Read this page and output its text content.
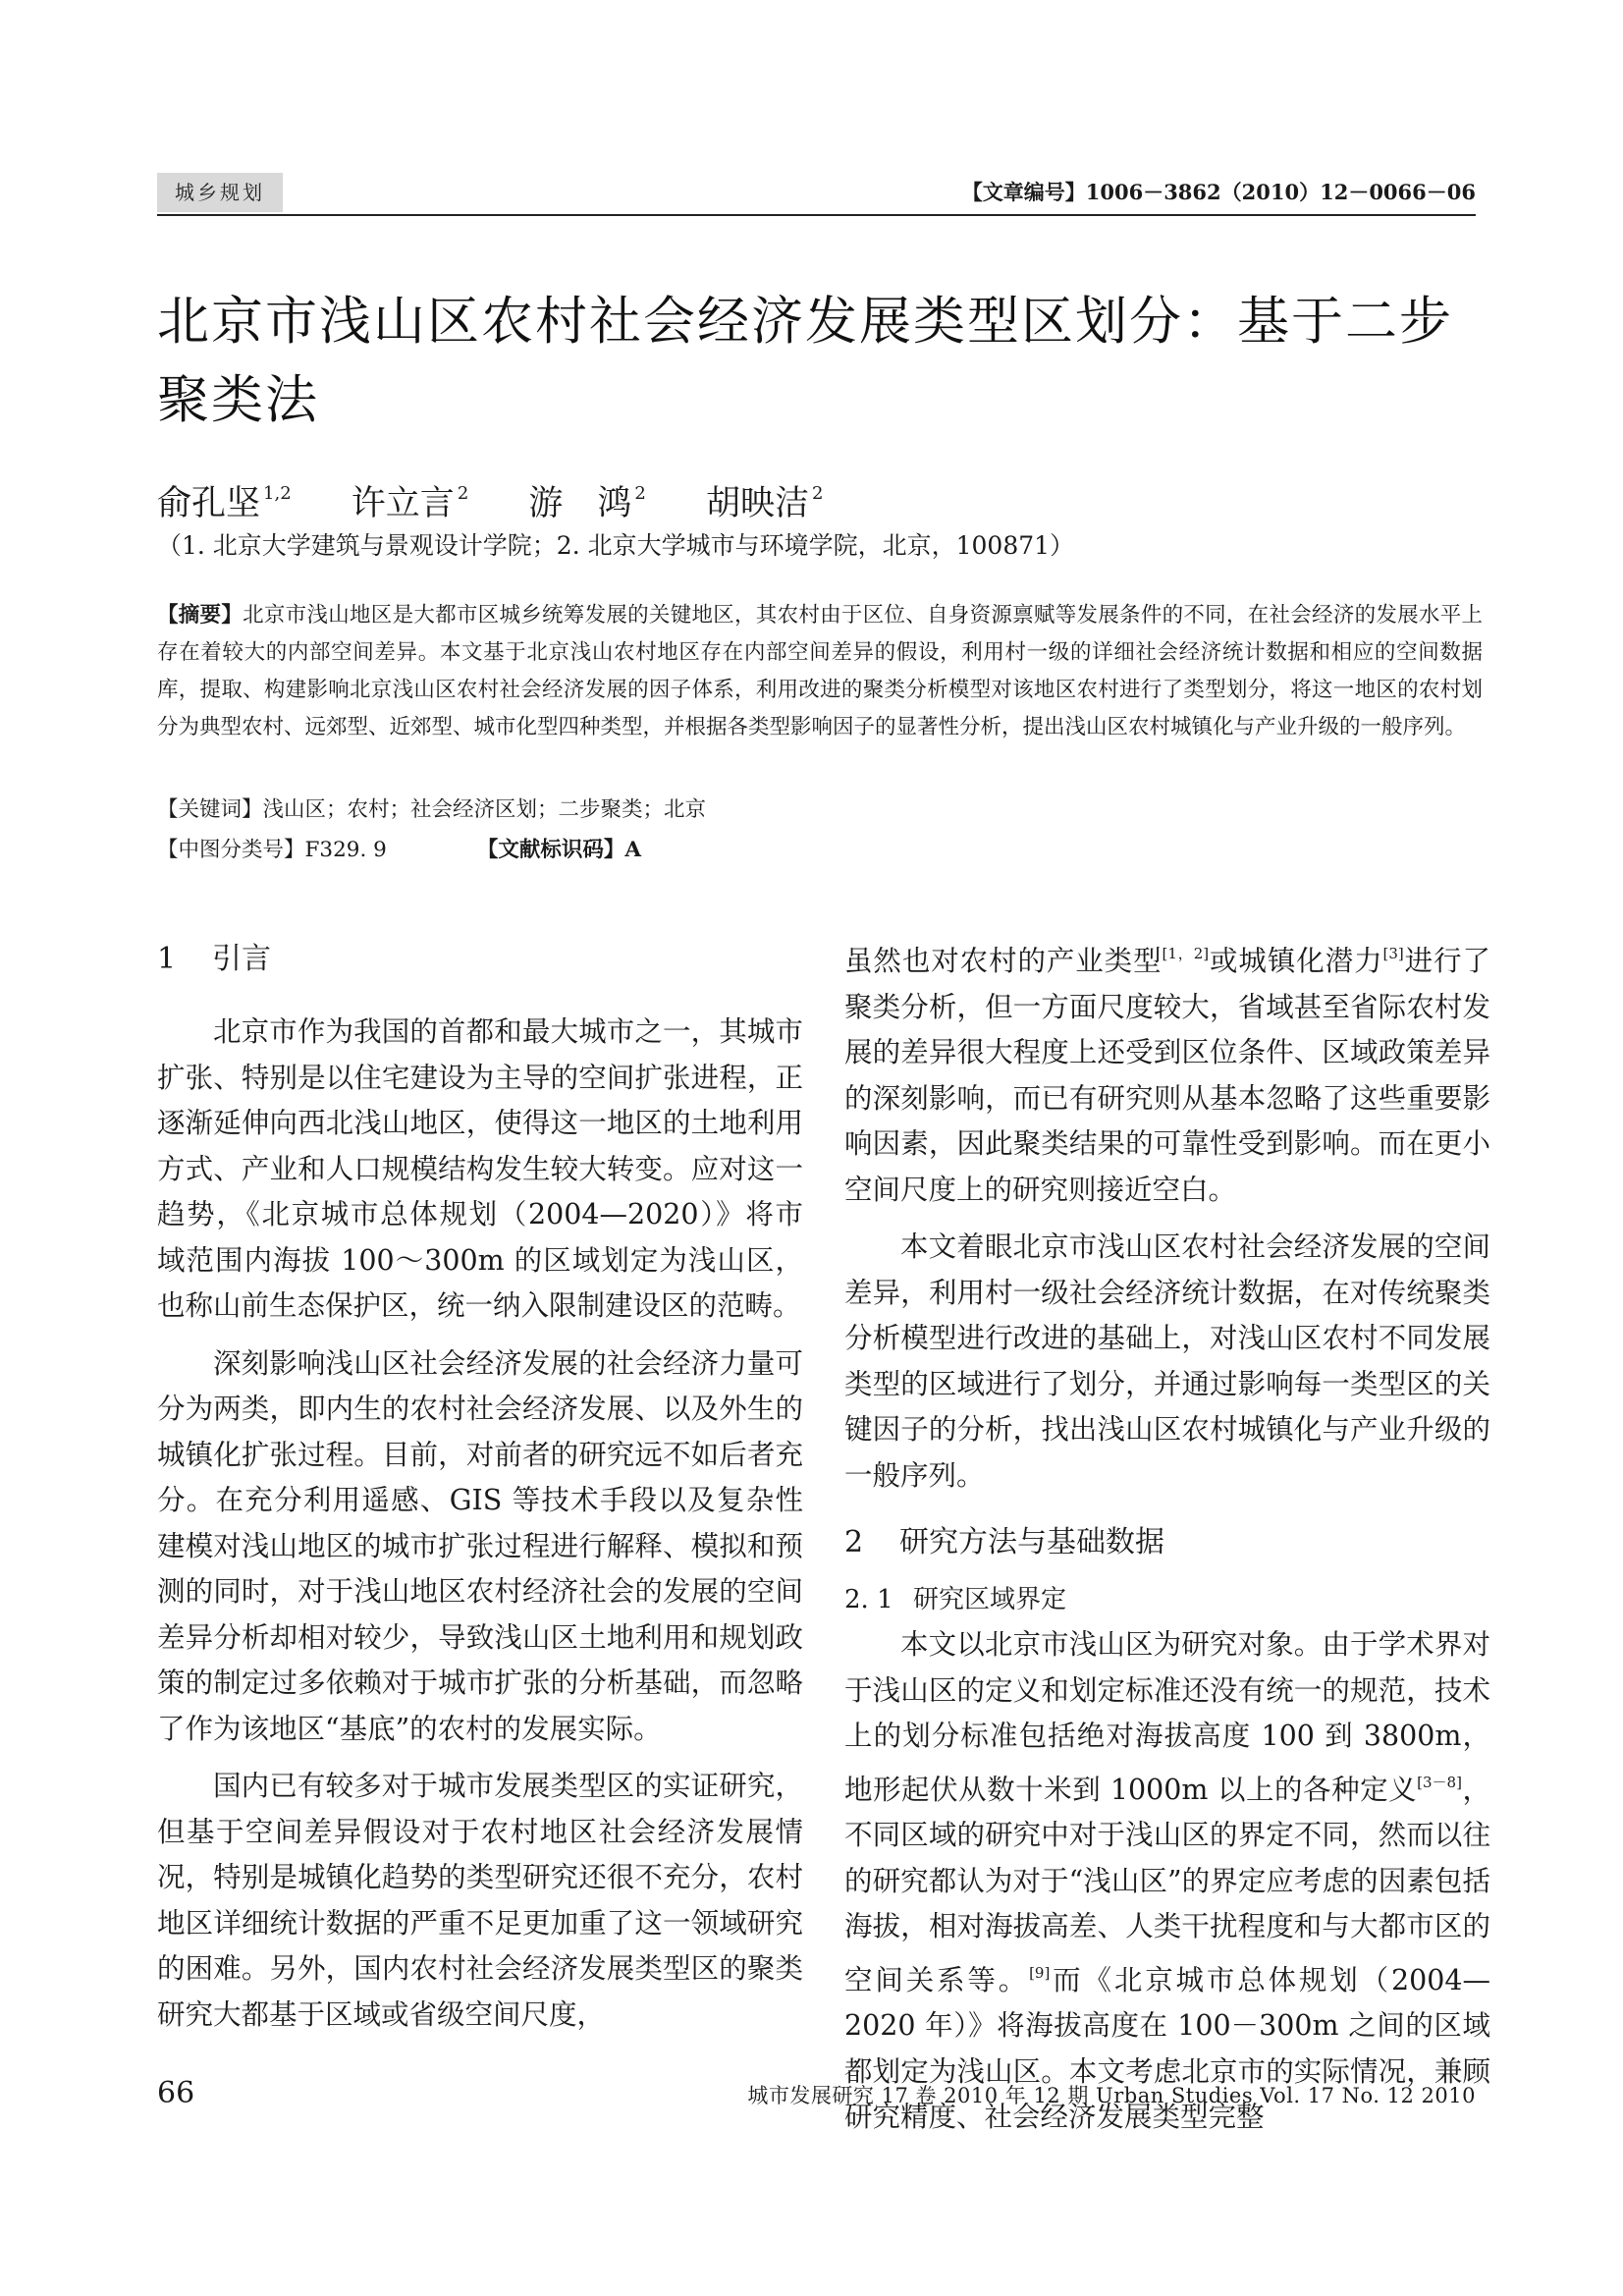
城乡规划	【文章编号】1006－3862（2010）12－0066－06
北京市浅山区农村社会经济发展类型区划分：基于二步聚类法
俞孔坚 $^{1,2}$ 许立言 $^2$ 游　鸿 $^2$ 胡映洁 $^2$
（1. 北京大学建筑与景观设计学院；2. 北京大学城市与环境学院，北京，100871）

【摘要】北京市浅山地区是大都市区城乡统筹发展的关键地区，其农村由于区位、自身资源禀赋等发展条件的不同，在社会经济的发展水平上存在着较大的内部空间差异。本文基于北京浅山农村地区存在内部空间差异的假设，利用村一级的详细社会经济统计数据和相应的空间数据库，提取、构建影响北京浅山区农村社会经济发展的因子体系，利用改进的聚类分析模型对该地区农村进行了类型划分，将这一地区的农村划分为典型农村、远郊型、近郊型、城市化型四种类型，并根据各类型影响因子的显著性分析，提出浅山区农村城镇化与产业升级的一般序列。

【关键词】浅山区；农村；社会经济区划；二步聚类；北京
【中图分类号】F329. 9	【文献标识码】A
1 引言

北京市作为我国的首都和最大城市之一，其城市扩张、特别是以住宅建设为主导的空间扩张进程，正逐渐延伸向西北浅山地区，使得这一地区的土地利用方式、产业和人口规模结构发生较大转变。应对这一趋势，《北京城市总体规划（2004—2020）》将市域范围内海拔 100～300m 的区域划定为浅山区，也称山前生态保护区，统一纳入限制建设区的范畴。

深刻影响浅山区社会经济发展的社会经济力量可分为两类，即内生的农村社会经济发展、以及外生的城镇化扩张过程。目前，对前者的研究远不如后者充分。在充分利用遥感、GIS 等技术手段以及复杂性建模对浅山地区的城市扩张过程进行解释、模拟和预测的同时，对于浅山地区农村经济社会的发展的空间差异分析却相对较少，导致浅山区土地利用和规划政策的制定过多依赖对于城市扩张的分析基础，而忽略了作为该地区“基底”的农村的发展实际。

国内已有较多对于城市发展类型区的实证研究，但基于空间差异假设对于农村地区社会经济发展情况，特别是城镇化趋势的类型研究还很不充分，农村地区详细统计数据的严重不足更加重了这一领域研究的困难。另外，国内农村社会经济发展类型区的聚类研究大都基于区域或省级空间尺度，

虽然也对农村的产业类型[1，2]或城镇化潜力[3]进行了聚类分析，但一方面尺度较大，省域甚至省际农村发展的差异很大程度上还受到区位条件、区域政策差异的深刻影响，而已有研究则从基本忽略了这些重要影响因素，因此聚类结果的可靠性受到影响。而在更小空间尺度上的研究则接近空白。

本文着眼北京市浅山区农村社会经济发展的空间差异，利用村一级社会经济统计数据，在对传统聚类分析模型进行改进的基础上，对浅山区农村不同发展类型的区域进行了划分，并通过影响每一类型区的关键因子的分析，找出浅山区农村城镇化与产业升级的一般序列。

2 研究方法与基础数据
2. 1 研究区域界定

本文以北京市浅山区为研究对象。由于学术界对于浅山区的定义和划定标准还没有统一的规范，技术上的划分标准包括绝对海拔高度 100 到 3800m，地形起伏从数十米到 1000m 以上的各种定义[3－8]，不同区域的研究中对于浅山区的界定不同，然而以往的研究都认为对于“浅山区”的界定应考虑的因素包括海拔，相对海拔高差、人类干扰程度和与大都市区的空间关系等。[9]而《北京城市总体规划（2004—2020 年）》将海拔高度在 100－300m 之间的区域都划定为浅山区。本文考虑北京市的实际情况，兼顾研究精度、社会经济发展类型完整

66	城市发展研究 17 卷 2010 年 12 期 Urban Studies Vol. 17 No. 12 2010
